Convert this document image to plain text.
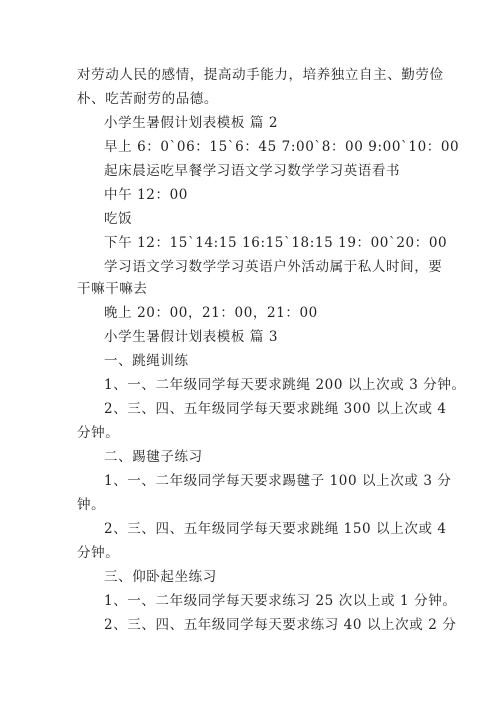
对劳动人民的感情，提高动手能力，培养独立自主、勤劳俭
朴、吃苦耐劳的品德。
小学生暑假计划表模板 篇 2
早上 6：0`06：15`6：45 7:00`8：00 9:00`10：00
起床晨运吃早餐学习语文学习数学学习英语看书
中午 12：00
吃饭
下午 12：15`14:15 16:15`18:15 19：00`20：00
学习语文学习数学学习英语户外活动属于私人时间，要
干嘛干嘛去
晚上 20：00，21：00，21：00
小学生暑假计划表模板 篇 3
一、跳绳训练
1、一、二年级同学每天要求跳绳 200 以上次或 3 分钟。
2、三、四、五年级同学每天要求跳绳 300 以上次或 4
分钟。
二、踢毽子练习
1、一、二年级同学每天要求踢毽子 100 以上次或 3 分
钟。
2、三、四、五年级同学每天要求跳绳 150 以上次或 4
分钟。
三、仰卧起坐练习
1、一、二年级同学每天要求练习 25 次以上或 1 分钟。
2、三、四、五年级同学每天要求练习 40 以上次或 2 分
